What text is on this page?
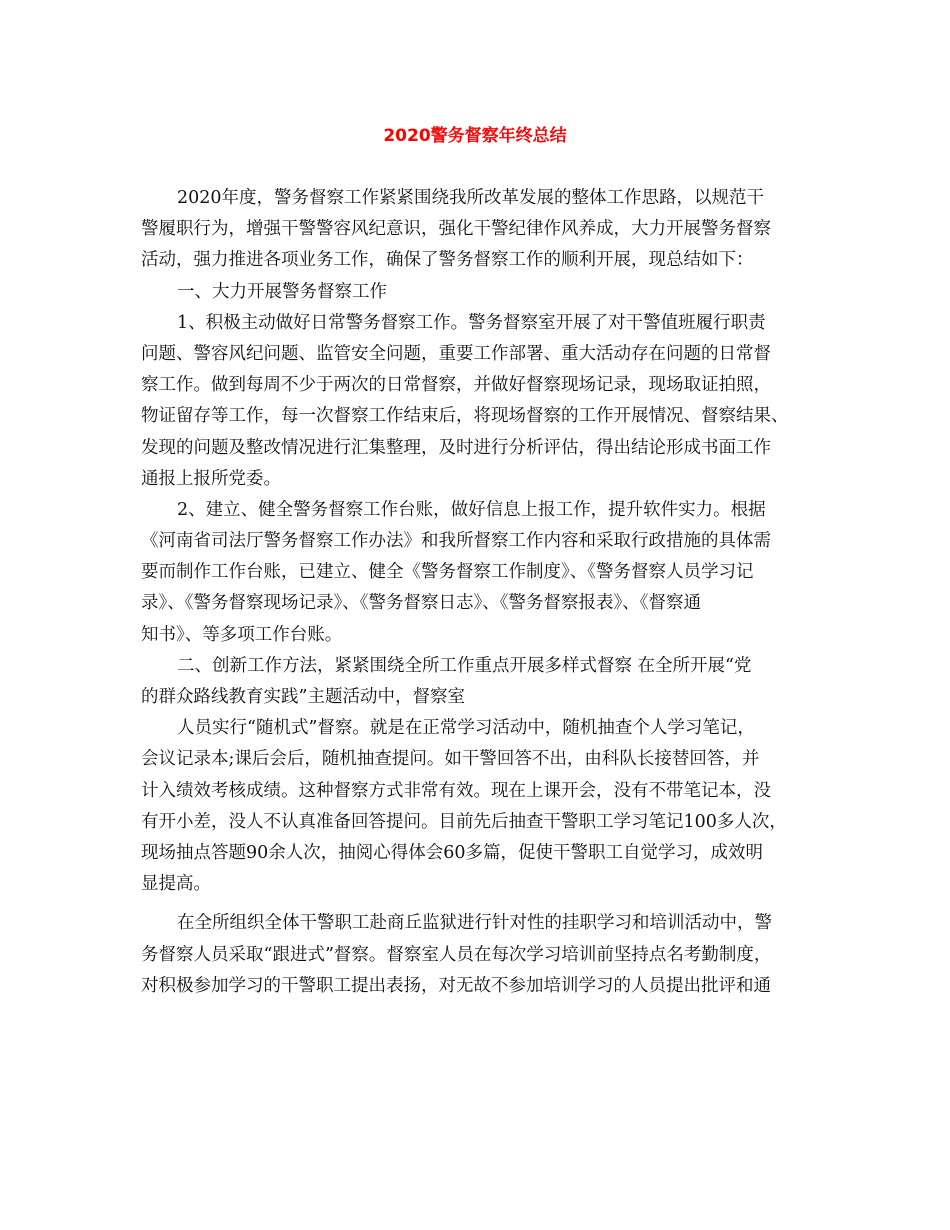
2020警务督察年终总结
2020年度，警务督察工作紧紧围绕我所改革发展的整体工作思路，以规范干
警履职行为，增强干警警容风纪意识，强化干警纪律作风养成，大力开展警务督察
活动，强力推进各项业务工作，确保了警务督察工作的顺利开展，现总结如下：
一、大力开展警务督察工作
1、积极主动做好日常警务督察工作。警务督察室开展了对干警值班履行职责
问题、警容风纪问题、监管安全问题，重要工作部署、重大活动存在问题的日常督
察工作。做到每周不少于两次的日常督察，并做好督察现场记录，现场取证拍照，
物证留存等工作，每一次督察工作结束后，将现场督察的工作开展情况、督察结果、
发现的问题及整改情况进行汇集整理，及时进行分析评估，得出结论形成书面工作
通报上报所党委。
2、建立、健全警务督察工作台账，做好信息上报工作，提升软件实力。根据
《河南省司法厅警务督察工作办法》和我所督察工作内容和采取行政措施的具体需
要而制作工作台账，已建立、健全《警务督察工作制度》、《警务督察人员学习记
录》、《警务督察现场记录》、《警务督察日志》、《警务督察报表》、《督察通
知书》、等多项工作台账。
二、创新工作方法，紧紧围绕全所工作重点开展多样式督察 在全所开展“党
的群众路线教育实践”主题活动中，督察室
人员实行“随机式”督察。就是在正常学习活动中，随机抽查个人学习笔记，
会议记录本;课后会后，随机抽查提问。如干警回答不出，由科队长接替回答，并
计入绩效考核成绩。这种督察方式非常有效。现在上课开会，没有不带笔记本，没
有开小差，没人不认真准备回答提问。目前先后抽查干警职工学习笔记100多人次，
现场抽点答题90余人次，抽阅心得体会60多篇，促使干警职工自觉学习，成效明
显提高。
在全所组织全体干警职工赴商丘监狱进行针对性的挂职学习和培训活动中，警
务督察人员采取“跟进式”督察。督察室人员在每次学习培训前坚持点名考勤制度，
对积极参加学习的干警职工提出表扬，对无故不参加培训学习的人员提出批评和通
